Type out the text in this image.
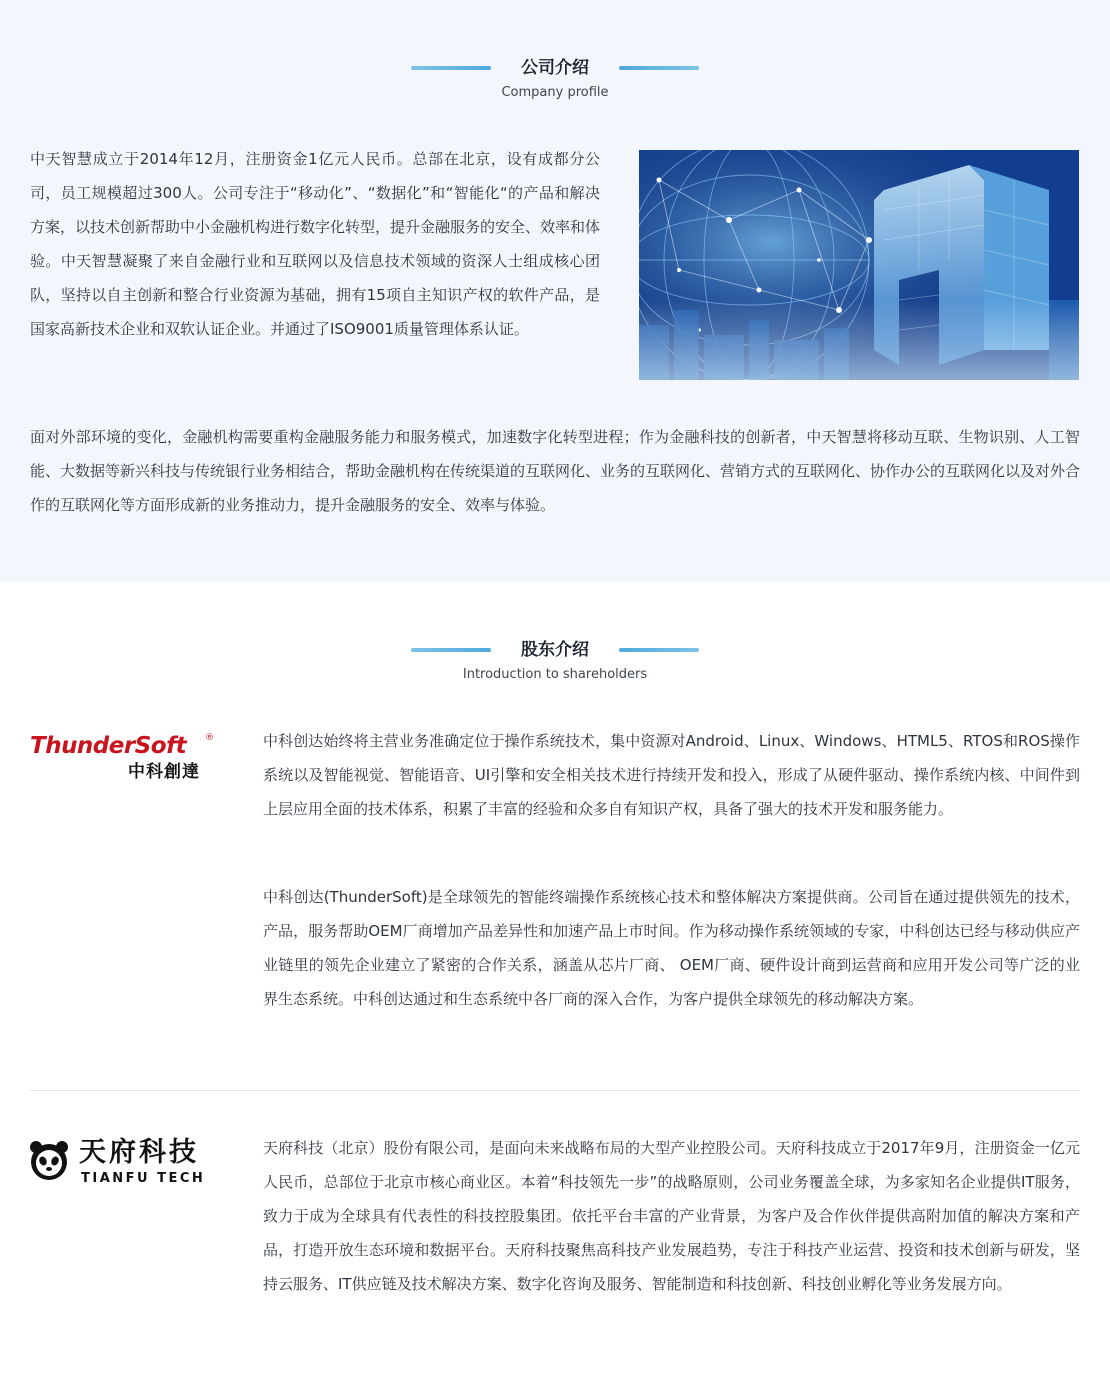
公司介绍
Company profile

中天智慧成立于2014年12月，注册资金1亿元人民币。总部在北京，设有成都分公司，员工规模超过300人。公司专注于“移动化”、“数据化”和“智能化“的产品和解决方案，以技术创新帮助中小金融机构进行数字化转型，提升金融服务的安全、效率和体验。中天智慧凝聚了来自金融行业和互联网以及信息技术领域的资深人士组成核心团队，坚持以自主创新和整合行业资源为基础，拥有15项自主知识产权的软件产品，是国家高新技术企业和双软认证企业。并通过了ISO9001质量管理体系认证。

面对外部环境的变化，金融机构需要重构金融服务能力和服务模式，加速数字化转型进程；作为金融科技的创新者，中天智慧将移动互联、生物识别、人工智能、大数据等新兴科技与传统银行业务相结合，帮助金融机构在传统渠道的互联网化、业务的互联网化、营销方式的互联网化、协作办公的互联网化以及对外合作的互联网化等方面形成新的业务推动力，提升金融服务的安全、效率与体验。

股东介绍
Introduction to shareholders
ThunderSoft ®
中科創達

中科创达始终将主营业务准确定位于操作系统技术，集中资源对Android、Linux、Windows、HTML5、RTOS和ROS操作系统以及智能视觉、智能语音、UI引擎和安全相关技术进行持续开发和投入，形成了从硬件驱动、操作系统内核、中间件到上层应用全面的技术体系，积累了丰富的经验和众多自有知识产权，具备了强大的技术开发和服务能力。

中科创达(ThunderSoft)是全球领先的智能终端操作系统核心技术和整体解决方案提供商。公司旨在通过提供领先的技术，产品，服务帮助OEM厂商增加产品差异性和加速产品上市时间。作为移动操作系统领域的专家，中科创达已经与移动供应产业链里的领先企业建立了紧密的合作关系，涵盖从芯片厂商、 OEM厂商、硬件设计商到运营商和应用开发公司等广泛的业界生态系统。中科创达通过和生态系统中各厂商的深入合作，为客户提供全球领先的移动解决方案。

天府科技
TIANFU TECH

天府科技（北京）股份有限公司，是面向未来战略布局的大型产业控股公司。天府科技成立于2017年9月，注册资金一亿元人民币，总部位于北京市核心商业区。本着“科技领先一步”的战略原则，公司业务覆盖全球，为多家知名企业提供IT服务，致力于成为全球具有代表性的科技控股集团。依托平台丰富的产业背景，为客户及合作伙伴提供高附加值的解决方案和产品，打造开放生态环境和数据平台。天府科技聚焦高科技产业发展趋势，专注于科技产业运营、投资和技术创新与研发，坚持云服务、IT供应链及技术解决方案、数字化咨询及服务、智能制造和科技创新、科技创业孵化等业务发展方向。
